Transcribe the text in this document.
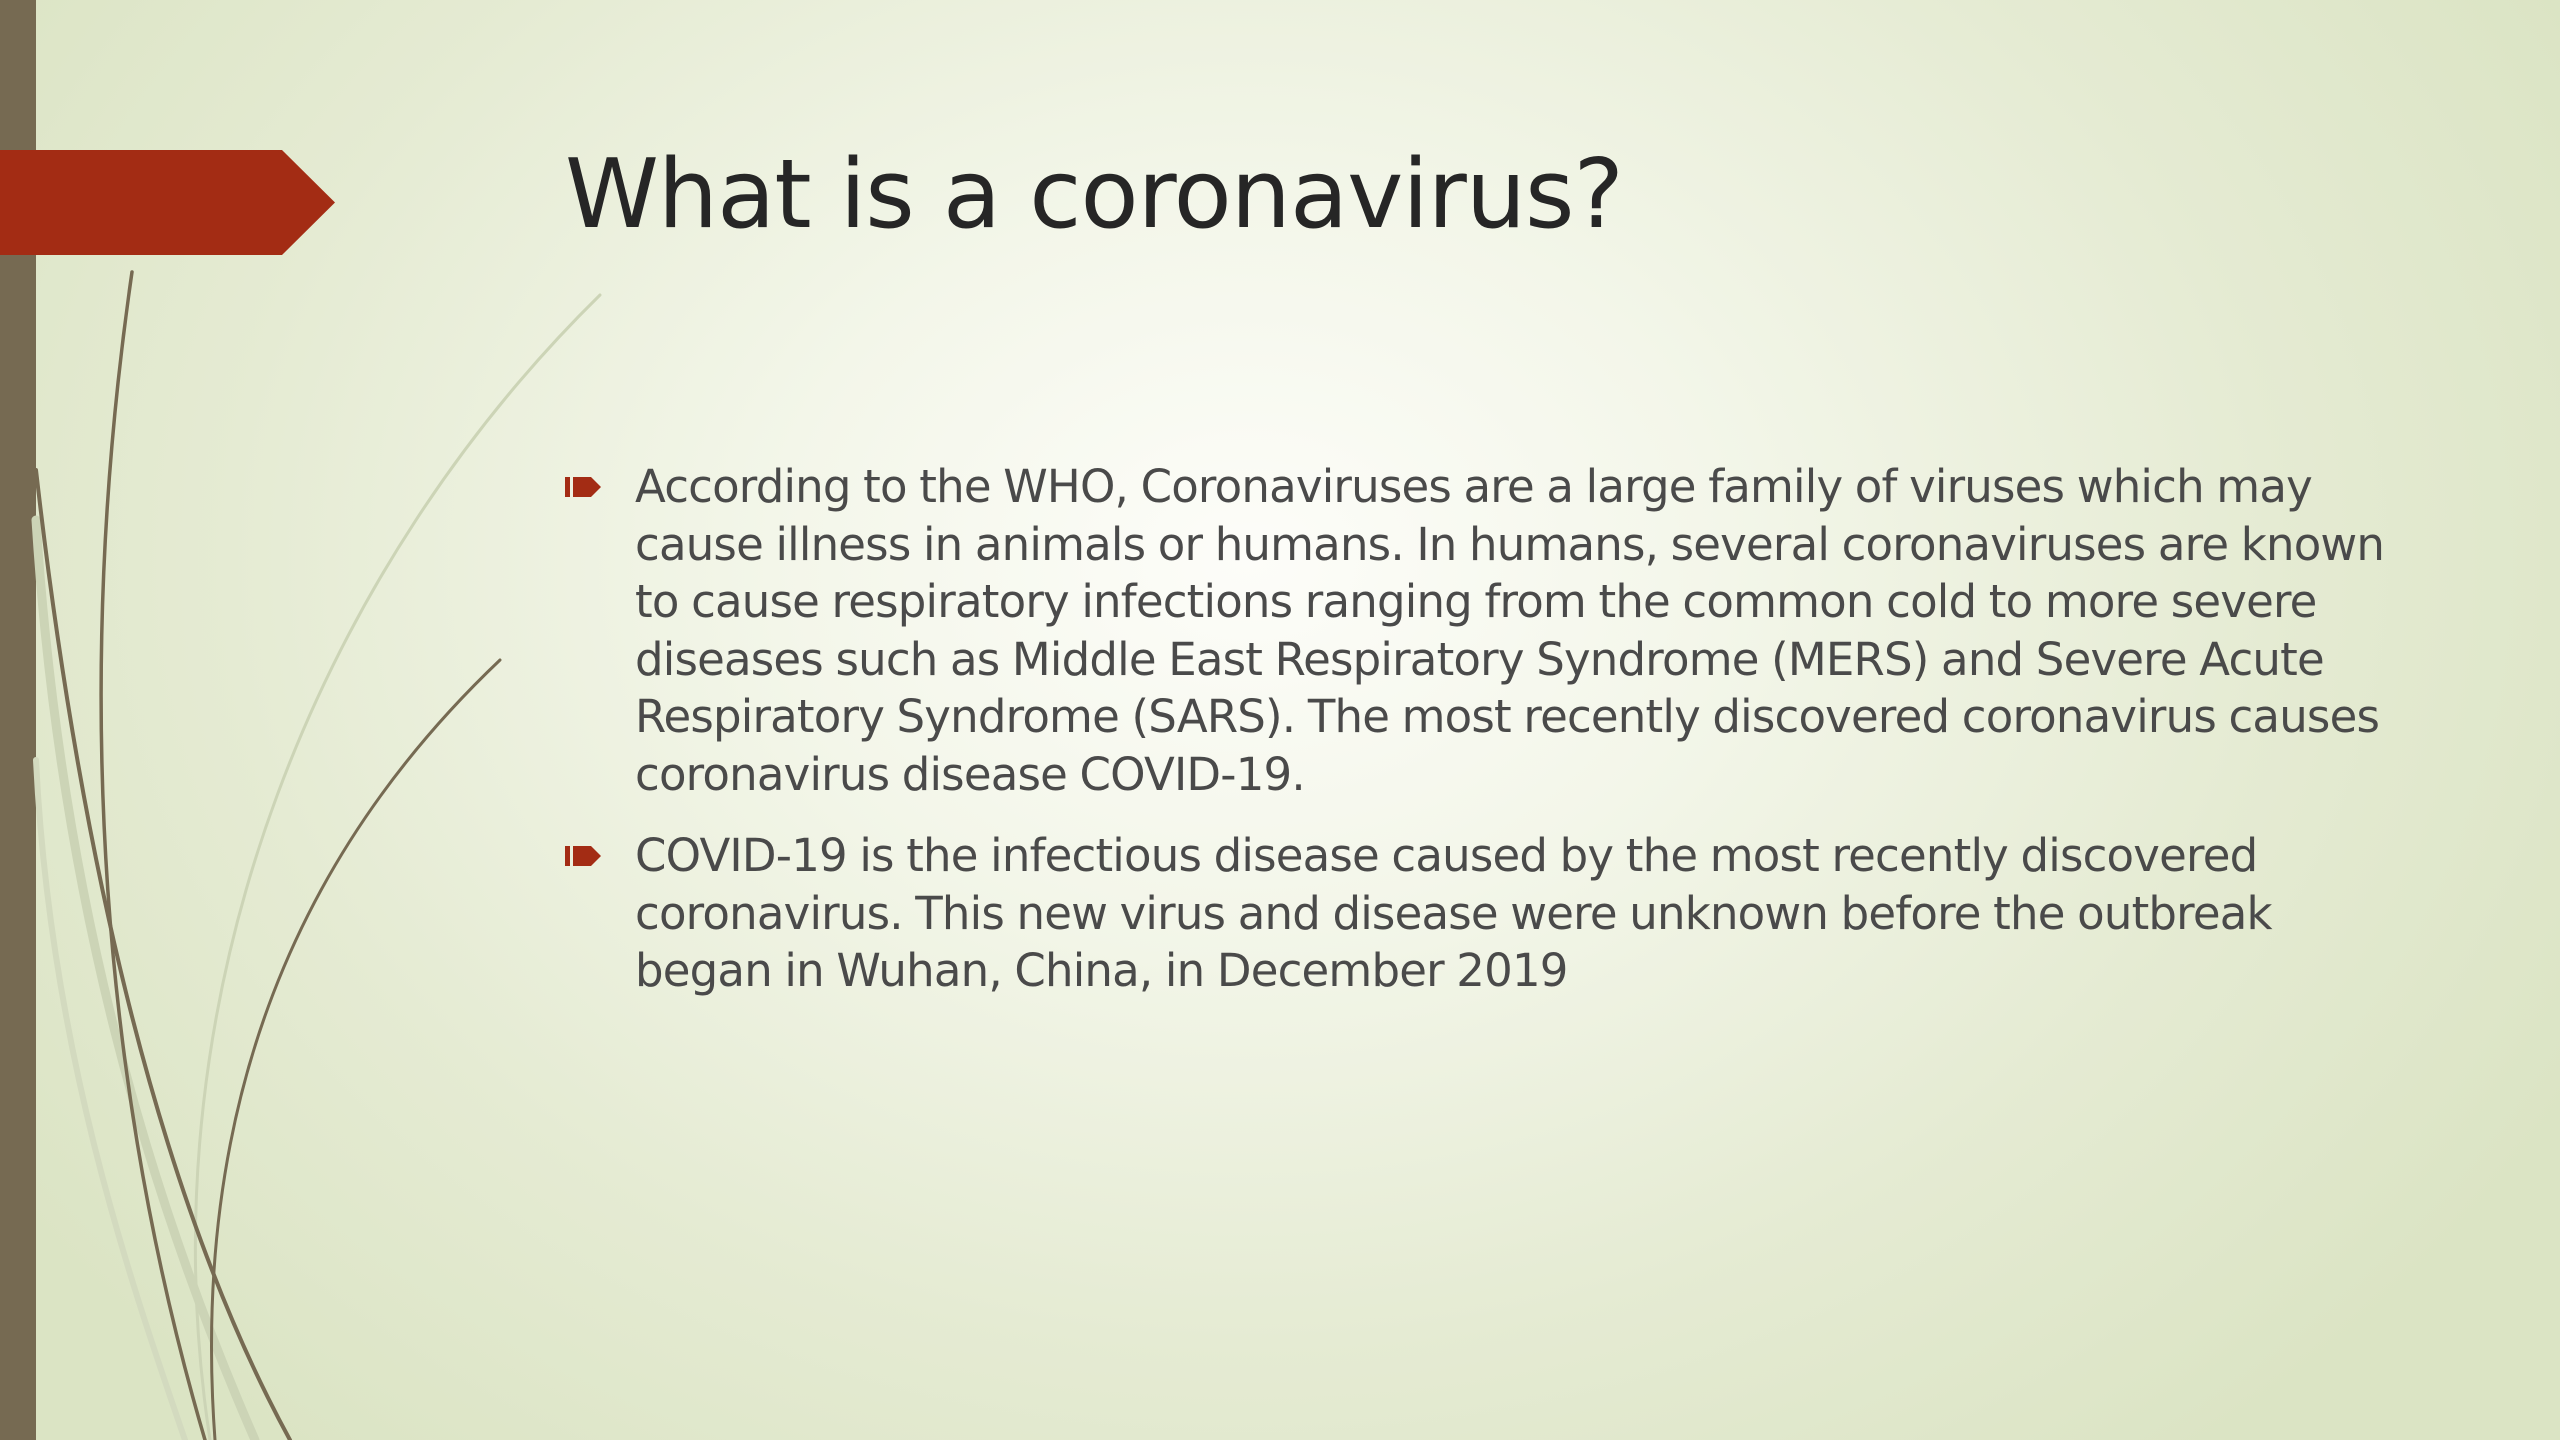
What is a coronavirus?
According to the WHO, Coronaviruses are a large family of viruses which may cause illness in animals or humans. In humans, several coronaviruses are known to cause respiratory infections ranging from the common cold to more severe diseases such as Middle East Respiratory Syndrome (MERS) and Severe Acute Respiratory Syndrome (SARS). The most recently discovered coronavirus causes coronavirus disease COVID-19.
COVID-19 is the infectious disease caused by the most recently discovered coronavirus. This new virus and disease were unknown before the outbreak began in Wuhan, China, in December 2019
